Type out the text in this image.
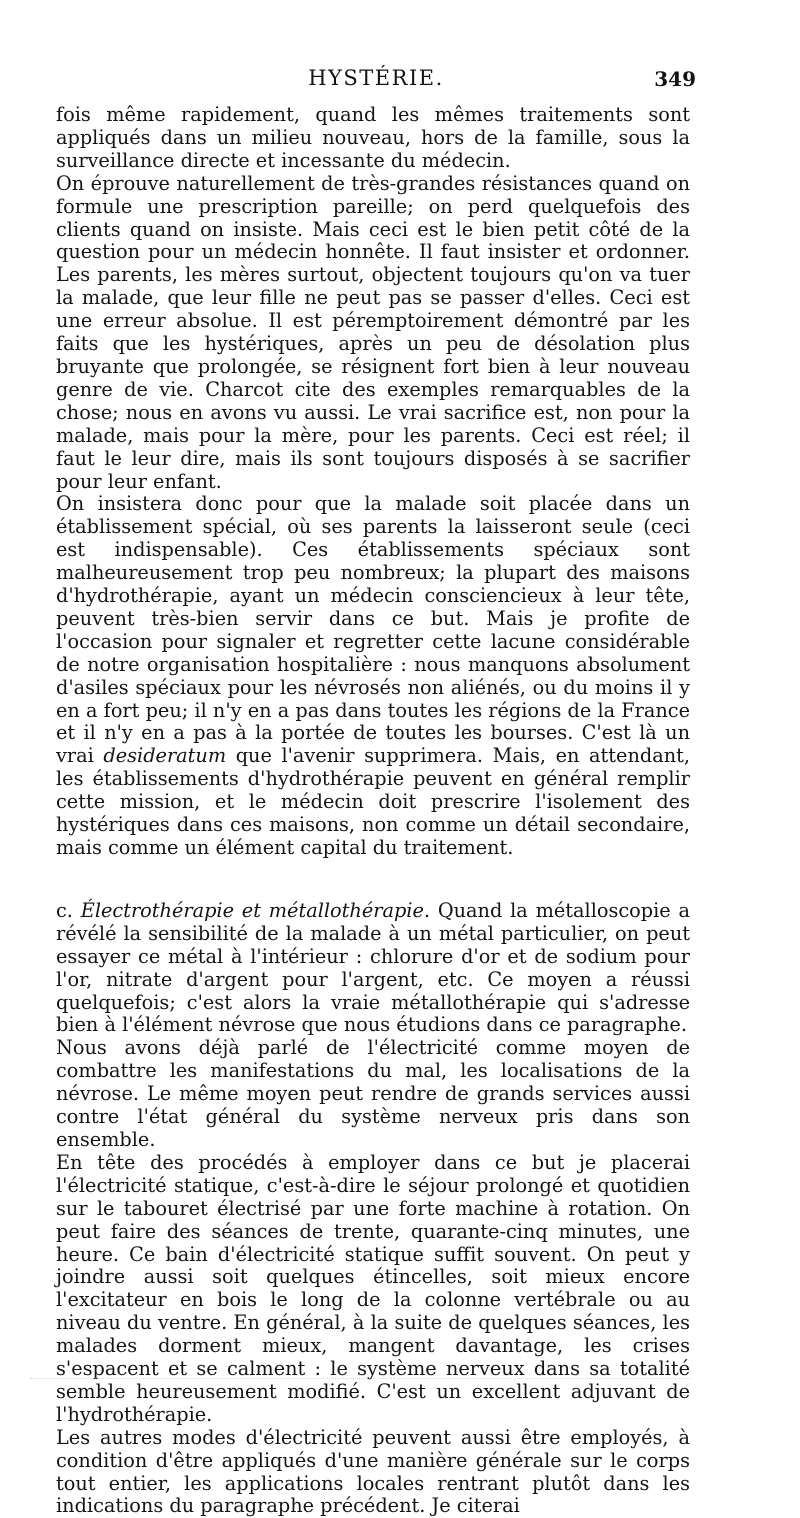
HYSTÉRIE.	349

fois même rapidement, quand les mêmes traitements sont appliqués dans un milieu nouveau, hors de la famille, sous la surveillance directe et incessante du médecin.

On éprouve naturellement de très-grandes résistances quand on formule une prescription pareille; on perd quelquefois des clients quand on insiste. Mais ceci est le bien petit côté de la question pour un médecin honnête. Il faut insister et ordonner. Les parents, les mères surtout, objectent toujours qu'on va tuer la malade, que leur fille ne peut pas se passer d'elles. Ceci est une erreur absolue. Il est péremptoirement démontré par les faits que les hystériques, après un peu de désolation plus bruyante que prolongée, se résignent fort bien à leur nouveau genre de vie. Charcot cite des exemples remarquables de la chose; nous en avons vu aussi. Le vrai sacrifice est, non pour la malade, mais pour la mère, pour les parents. Ceci est réel; il faut le leur dire, mais ils sont toujours disposés à se sacrifier pour leur enfant.

On insistera donc pour que la malade soit placée dans un établissement spécial, où ses parents la laisseront seule (ceci est indispensable). Ces établissements spéciaux sont malheureusement trop peu nombreux; la plupart des maisons d'hydrothérapie, ayant un médecin consciencieux à leur tête, peuvent très-bien servir dans ce but. Mais je profite de l'occasion pour signaler et regretter cette lacune considérable de notre organisation hospitalière : nous manquons absolument d'asiles spéciaux pour les névrosés non aliénés, ou du moins il y en a fort peu; il n'y en a pas dans toutes les régions de la France et il n'y en a pas à la portée de toutes les bourses. C'est là un vrai desideratum que l'avenir supprimera. Mais, en attendant, les établissements d'hydrothérapie peuvent en général remplir cette mission, et le médecin doit prescrire l'isolement des hystériques dans ces maisons, non comme un détail secondaire, mais comme un élément capital du traitement.

c. Électrothérapie et métallothérapie. Quand la métalloscopie a révélé la sensibilité de la malade à un métal particulier, on peut essayer ce métal à l'intérieur : chlorure d'or et de sodium pour l'or, nitrate d'argent pour l'argent, etc. Ce moyen a réussi quelquefois; c'est alors la vraie métallothérapie qui s'adresse bien à l'élément névrose que nous étudions dans ce paragraphe.

Nous avons déjà parlé de l'électricité comme moyen de combattre les manifestations du mal, les localisations de la névrose. Le même moyen peut rendre de grands services aussi contre l'état général du système nerveux pris dans son ensemble.

En tête des procédés à employer dans ce but je placerai l'électricité statique, c'est-à-dire le séjour prolongé et quotidien sur le tabouret électrisé par une forte machine à rotation. On peut faire des séances de trente, quarante-cinq minutes, une heure. Ce bain d'électricité statique suffit souvent. On peut y joindre aussi soit quelques étincelles, soit mieux encore l'excitateur en bois le long de la colonne vertébrale ou au niveau du ventre. En général, à la suite de quelques séances, les malades dorment mieux, mangent davantage, les crises s'espacent et se calment : le système nerveux dans sa totalité semble heureusement modifié. C'est un excellent adjuvant de l'hydrothérapie.

Les autres modes d'électricité peuvent aussi être employés, à condition d'être appliqués d'une manière générale sur le corps tout entier, les applications locales rentrant plutôt dans les indications du paragraphe précédent. Je citerai
